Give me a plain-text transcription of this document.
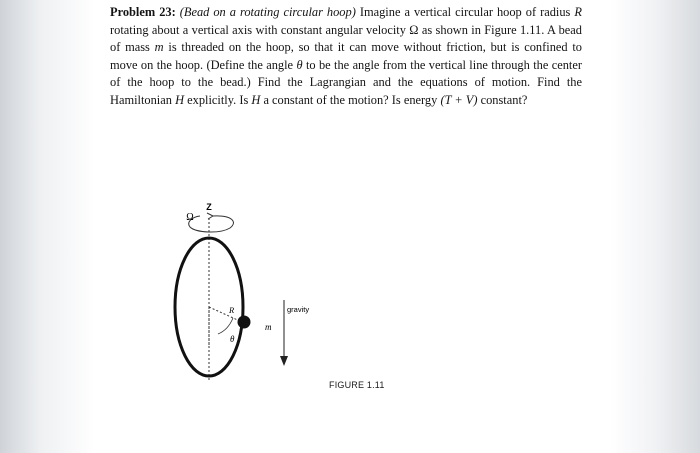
Problem 23: (Bead on a rotating circular hoop) Imagine a vertical circular hoop of radius R rotating about a vertical axis with constant angular velocity Ω as shown in Figure 1.11. A bead of mass m is threaded on the hoop, so that it can move without friction, but is confined to move on the hoop. (Define the angle θ to be the angle from the vertical line through the center of the hoop to the bead.) Find the Lagrangian and the equations of motion. Find the Hamiltonian H explicitly. Is H a constant of the motion? Is energy (T + V) constant?

Z
Ω
R
θ
m
gravity
FIGURE 1.11
